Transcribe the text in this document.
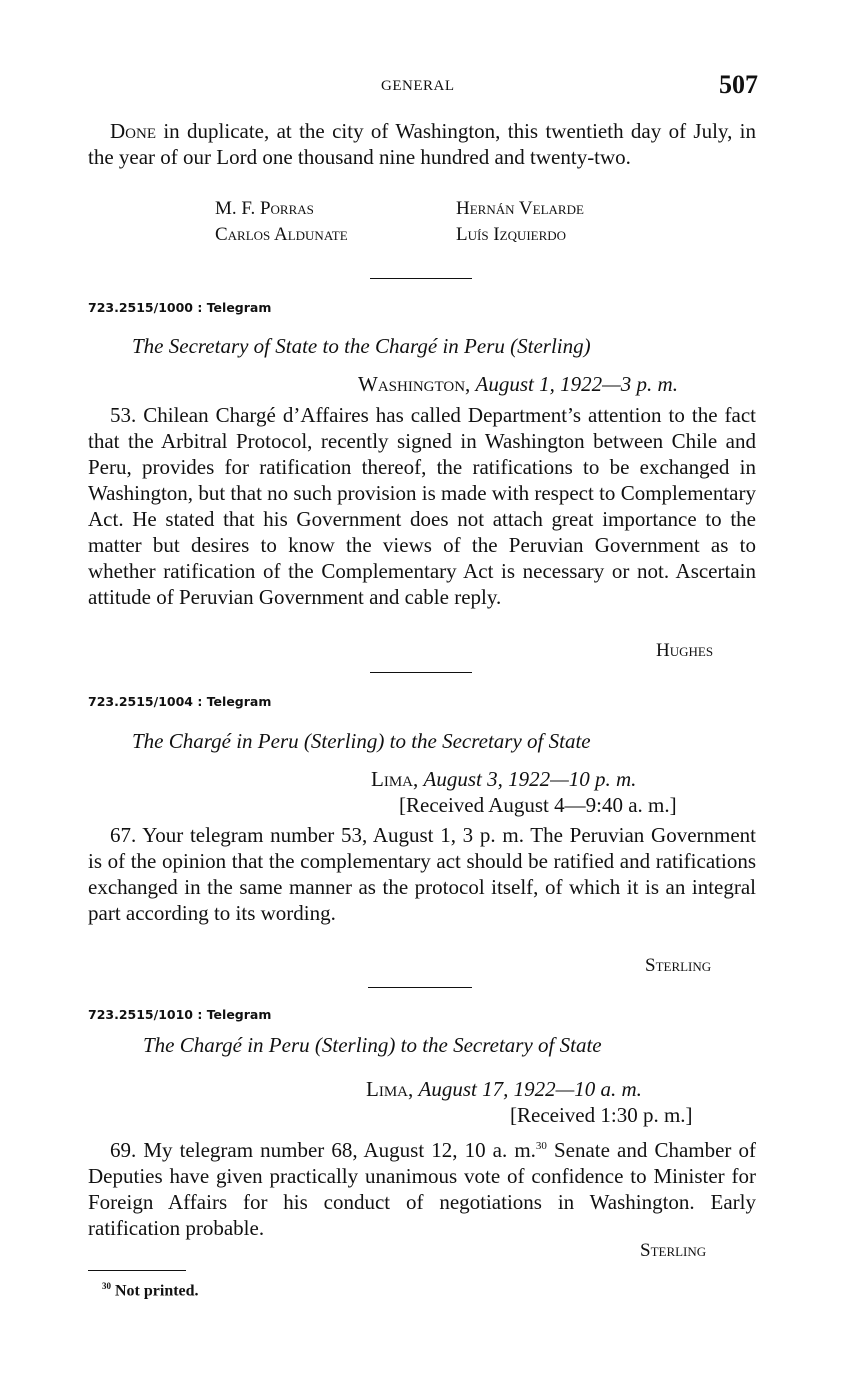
GENERAL	507
Done in duplicate, at the city of Washington, this twentieth day of July, in the year of our Lord one thousand nine hundred and twenty-two.
M. F. Porras	Hernán Velarde
Carlos Aldunate	Luís Izquierdo
723.2515/1000 : Telegram
The Secretary of State to the Chargé in Peru (Sterling)
Washington, August 1, 1922—3 p. m.
53. Chilean Chargé d’Affaires has called Department’s attention to the fact that the Arbitral Protocol, recently signed in Washington between Chile and Peru, provides for ratification thereof, the ratifications to be exchanged in Washington, but that no such provision is made with respect to Complementary Act. He stated that his Government does not attach great importance to the matter but desires to know the views of the Peruvian Government as to whether ratification of the Complementary Act is necessary or not. Ascertain attitude of Peruvian Government and cable reply.
Hughes
723.2515/1004 : Telegram
The Chargé in Peru (Sterling) to the Secretary of State
Lima, August 3, 1922—10 p. m.
[Received August 4—9:40 a. m.]
67. Your telegram number 53, August 1, 3 p. m. The Peruvian Government is of the opinion that the complementary act should be ratified and ratifications exchanged in the same manner as the protocol itself, of which it is an integral part according to its wording.
Sterling
723.2515/1010 : Telegram
The Chargé in Peru (Sterling) to the Secretary of State
Lima, August 17, 1922—10 a. m.
[Received 1:30 p. m.]
69. My telegram number 68, August 12, 10 a. m.$^{30}$ Senate and Chamber of Deputies have given practically unanimous vote of confidence to Minister for Foreign Affairs for his conduct of negotiations in Washington. Early ratification probable.
Sterling
$^{30}$ Not printed.
